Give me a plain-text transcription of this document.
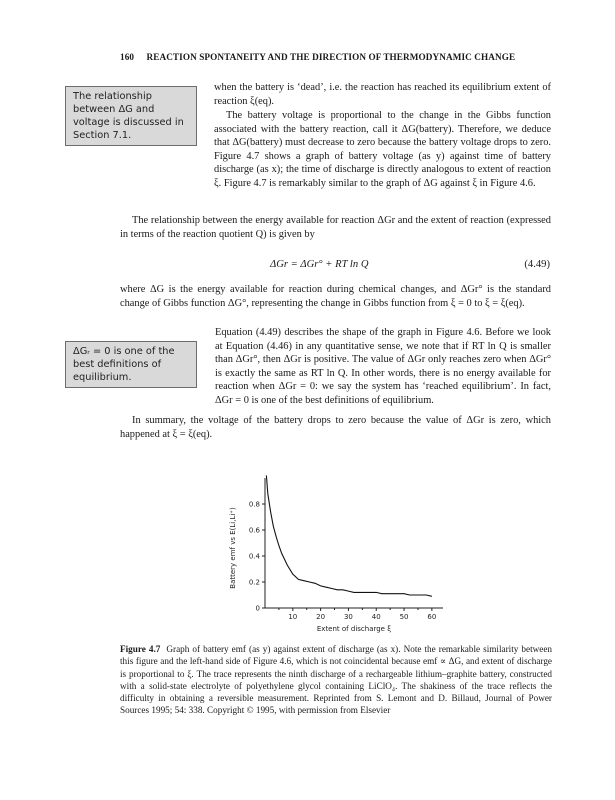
160 REACTION SPONTANEITY AND THE DIRECTION OF THERMODYNAMIC CHANGE
The relationship between ΔG and voltage is discussed in Section 7.1.
ΔGᵣ = 0 is one of the best definitions of equilibrium.
when the battery is ‘dead’, i.e. the reaction has reached its equilibrium extent of reaction ξ(eq).

The battery voltage is proportional to the change in the Gibbs function associated with the battery reaction, call it ΔG(battery). Therefore, we deduce that ΔG(battery) must decrease to zero because the battery voltage drops to zero. Figure 4.7 shows a graph of battery voltage (as y) against time of battery discharge (as x); the time of discharge is directly analogous to extent of reaction ξ. Figure 4.7 is remarkably similar to the graph of ΔG against ξ in Figure 4.6.

The relationship between the energy available for reaction ΔGr and the extent of reaction (expressed in terms of the reaction quotient Q) is given by

ΔGr = ΔGr° + RT ln Q	(4.49)
where ΔG is the energy available for reaction during chemical changes, and ΔGr° is the standard change of Gibbs function ΔG°, representing the change in Gibbs function from ξ = 0 to ξ = ξ(eq).
Equation (4.49) describes the shape of the graph in Figure 4.6. Before we look at Equation (4.46) in any quantitative sense, we note that if RT ln Q is smaller than ΔGr°, then ΔGr is positive. The value of ΔGr only reaches zero when ΔGr° is exactly the same as RT ln Q. In other words, there is no energy available for reaction when ΔGr = 0: we say the system has ‘reached equilibrium’. In fact, ΔGr = 0 is one of the best definitions of equilibrium.

In summary, the voltage of the battery drops to zero because the value of ΔGr is zero, which happened at ξ = ξ(eq).

10	20	30	40	50	60
0
0.2
0.4
0.6
0.8
Extent of discharge ξ
Battery emf vs E(Li,Li⁺)
Figure 4.7 Graph of battery emf (as y) against extent of discharge (as x). Note the remarkable similarity between this figure and the left-hand side of Figure 4.6, which is not coincidental because emf ∝ ΔG, and extent of discharge is proportional to ξ. The trace represents the ninth discharge of a rechargeable lithium–graphite battery, constructed with a solid-state electrolyte of polyethylene glycol containing LiClO₄. The shakiness of the trace reflects the difficulty in obtaining a reversible measurement. Reprinted from S. Lemont and D. Billaud, Journal of Power Sources 1995; 54: 338. Copyright © 1995, with permission from Elsevier
